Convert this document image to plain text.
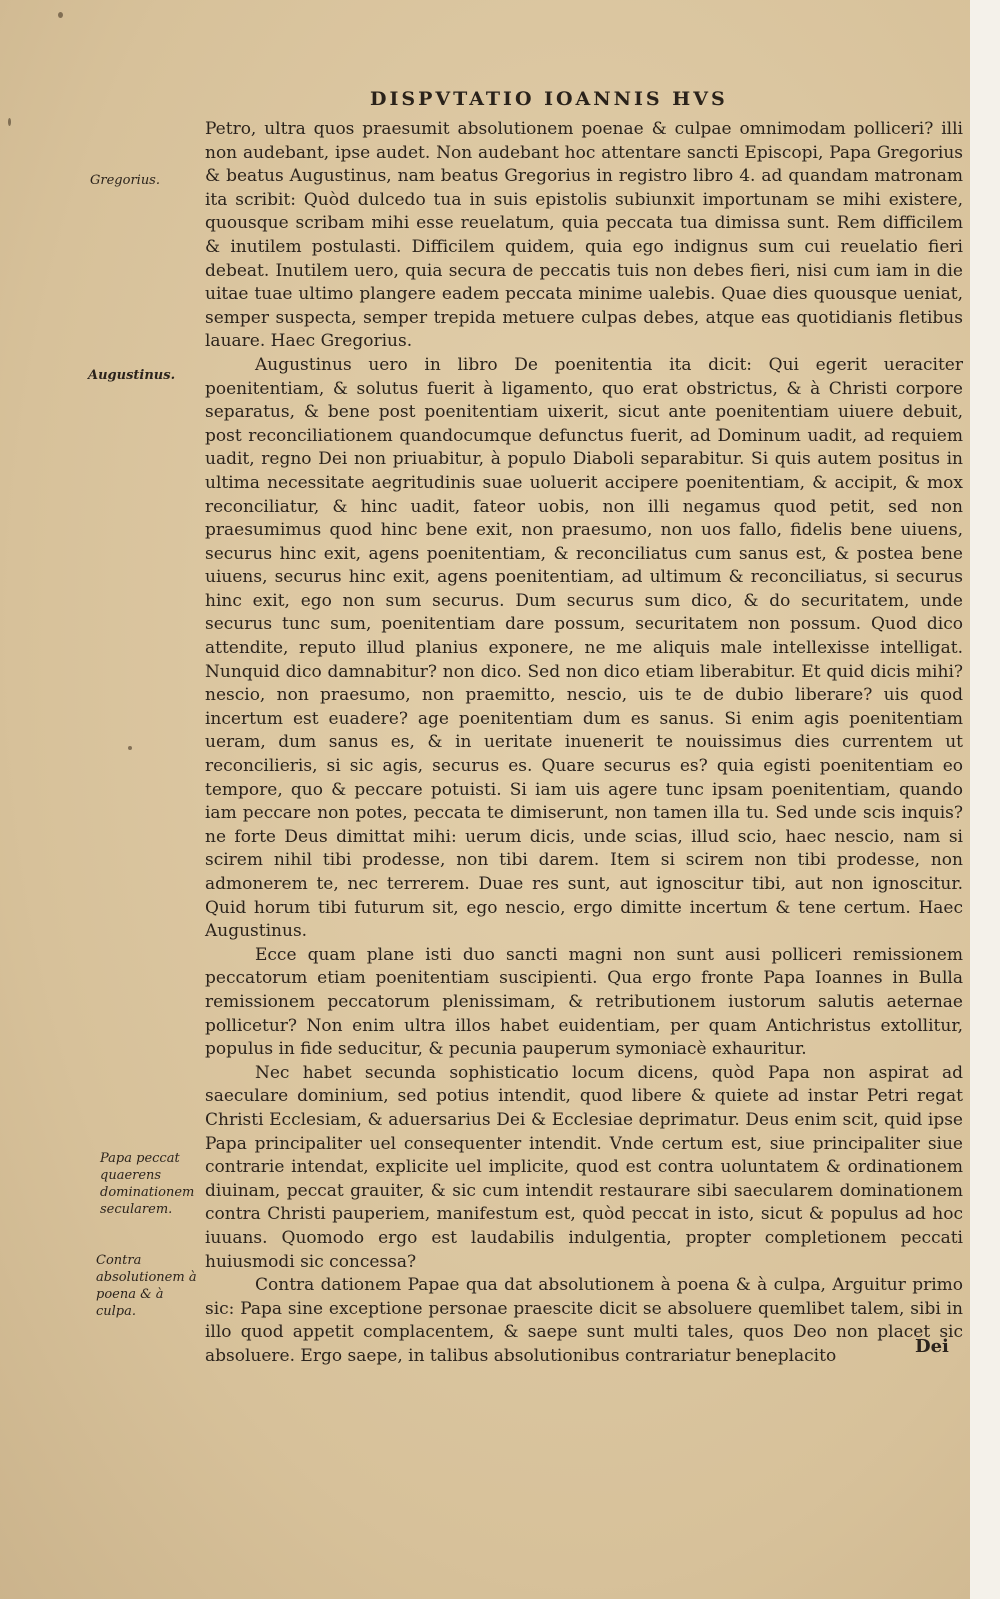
DISPVTATIO IOANNIS HVS
Gregorius.
Augustinus.
Papa peccat quaerens dominationem secularem.
Contra absolutionem à poena & à culpa.

Petro, ultra quos praesumit absolutionem poenae & culpae omnimodam polliceri? illi non audebant, ipse audet. Non audebant hoc attentare sancti Episcopi, Papa Gregorius & beatus Augustinus, nam beatus Gregorius in registro libro 4. ad quandam matronam ita scribit: Quòd dulcedo tua in suis epistolis subiunxit importunam se mihi existere, quousque scribam mihi esse reuelatum, quia peccata tua dimissa sunt. Rem difficilem & inutilem postulasti. Difficilem quidem, quia ego indignus sum cui reuelatio fieri debeat. Inutilem uero, quia secura de peccatis tuis non debes fieri, nisi cum iam in die uitae tuae ultimo plangere eadem peccata minime ualebis. Quae dies quousque ueniat, semper suspecta, semper trepida metuere culpas debes, atque eas quotidianis fletibus lauare. Haec Gregorius.

Augustinus uero in libro De poenitentia ita dicit: Qui egerit ueraciter poenitentiam, & solutus fuerit à ligamento, quo erat obstrictus, & à Christi corpore separatus, & bene post poenitentiam uixerit, sicut ante poenitentiam uiuere debuit, post reconciliationem quandocumque defunctus fuerit, ad Dominum uadit, ad requiem uadit, regno Dei non priuabitur, à populo Diaboli separabitur. Si quis autem positus in ultima necessitate aegritudinis suae uoluerit accipere poenitentiam, & accipit, & mox reconciliatur, & hinc uadit, fateor uobis, non illi negamus quod petit, sed non praesumimus quod hinc bene exit, non praesumo, non uos fallo, fidelis bene uiuens, securus hinc exit, agens poenitentiam, & reconciliatus cum sanus est, & postea bene uiuens, securus hinc exit, agens poenitentiam, ad ultimum & reconciliatus, si securus hinc exit, ego non sum securus. Dum securus sum dico, & do securitatem, unde securus tunc sum, poenitentiam dare possum, securitatem non possum. Quod dico attendite, reputo illud planius exponere, ne me aliquis male intellexisse intelligat. Nunquid dico damnabitur? non dico. Sed non dico etiam liberabitur. Et quid dicis mihi? nescio, non praesumo, non praemitto, nescio, uis te de dubio liberare? uis quod incertum est euadere? age poenitentiam dum es sanus. Si enim agis poenitentiam ueram, dum sanus es, & in ueritate inuenerit te nouissimus dies currentem ut reconcilieris, si sic agis, securus es. Quare securus es? quia egisti poenitentiam eo tempore, quo & peccare potuisti. Si iam uis agere tunc ipsam poenitentiam, quando iam peccare non potes, peccata te dimiserunt, non tamen illa tu. Sed unde scis inquis? ne forte Deus dimittat mihi: uerum dicis, unde scias, illud scio, haec nescio, nam si scirem nihil tibi prodesse, non tibi darem. Item si scirem non tibi prodesse, non admonerem te, nec terrerem. Duae res sunt, aut ignoscitur tibi, aut non ignoscitur. Quid horum tibi futurum sit, ego nescio, ergo dimitte incertum & tene certum. Haec Augustinus.

Ecce quam plane isti duo sancti magni non sunt ausi polliceri remissionem peccatorum etiam poenitentiam suscipienti. Qua ergo fronte Papa Ioannes in Bulla remissionem peccatorum plenissimam, & retributionem iustorum salutis aeternae pollicetur? Non enim ultra illos habet euidentiam, per quam Antichristus extollitur, populus in fide seducitur, & pecunia pauperum symoniacè exhauritur.

Nec habet secunda sophisticatio locum dicens, quòd Papa non aspirat ad saeculare dominium, sed potius intendit, quod libere & quiete ad instar Petri regat Christi Ecclesiam, & aduersarius Dei & Ecclesiae deprimatur. Deus enim scit, quid ipse Papa principaliter uel consequenter intendit. Vnde certum est, siue principaliter siue contrarie intendat, explicite uel implicite, quod est contra uoluntatem & ordinationem diuinam, peccat grauiter, & sic cum intendit restaurare sibi saecularem dominationem contra Christi pauperiem, manifestum est, quòd peccat in isto, sicut & populus ad hoc iuuans. Quomodo ergo est laudabilis indulgentia, propter completionem peccati huiusmodi sic concessa?

Contra dationem Papae qua dat absolutionem à poena & à culpa, Arguitur primo sic: Papa sine exceptione personae praescite dicit se absoluere quemlibet talem, sibi in illo quod appetit complacentem, & saepe sunt multi tales, quos Deo non placet sic absoluere. Ergo saepe, in talibus absolutionibus contrariatur beneplacito	Dei
